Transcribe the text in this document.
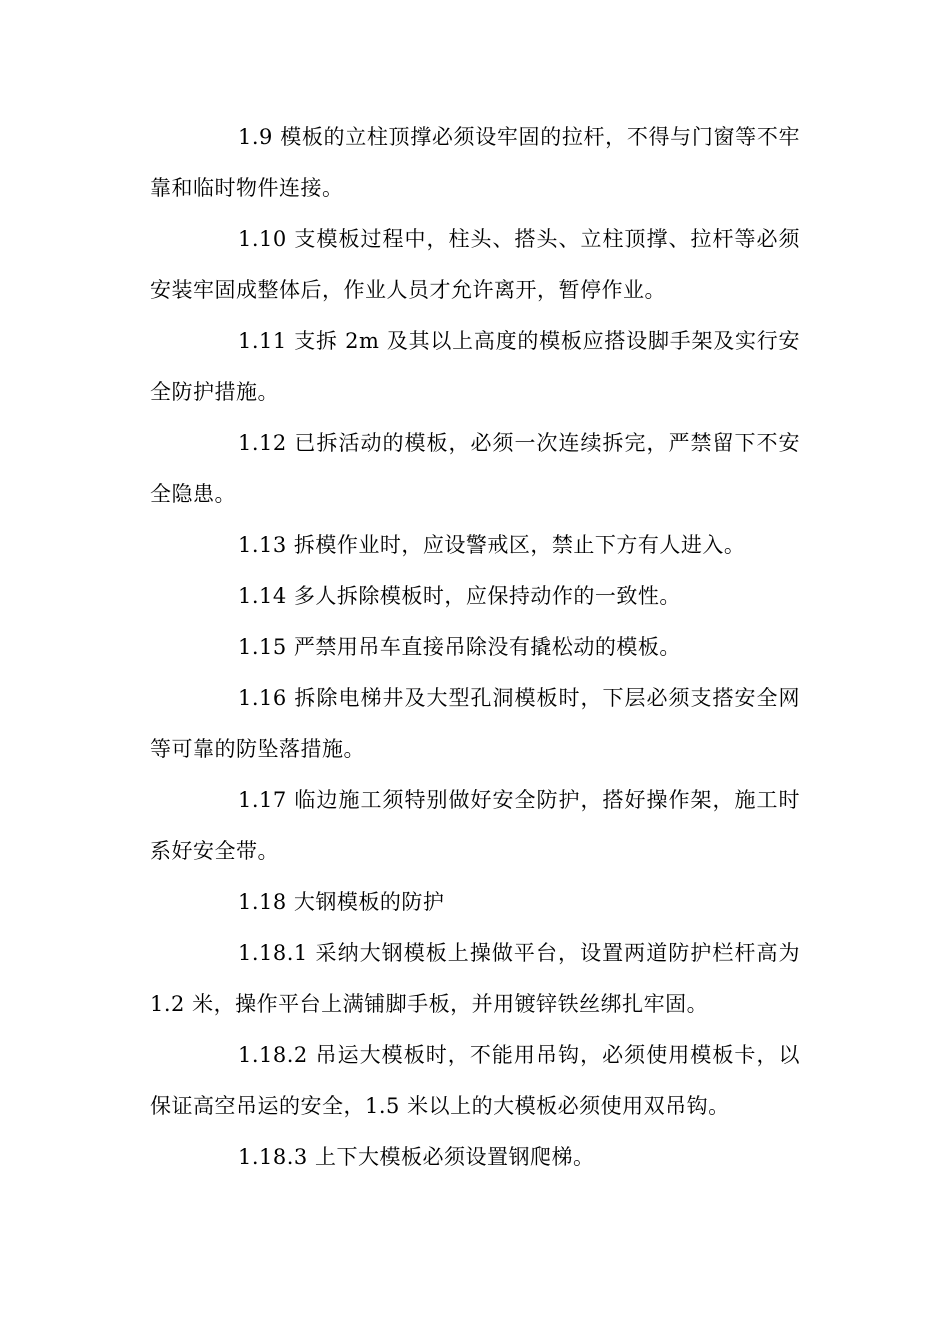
1.9 模板的立柱顶撑必须设牢固的拉杆，不得与门窗等不牢靠和临时物件连接。

1.10 支模板过程中，柱头、搭头、立柱顶撑、拉杆等必须安装牢固成整体后，作业人员才允许离开，暂停作业。

1.11 支拆 2m 及其以上高度的模板应搭设脚手架及实行安全防护措施。

1.12 已拆活动的模板，必须一次连续拆完，严禁留下不安全隐患。

1.13 拆模作业时，应设警戒区，禁止下方有人进入。

1.14 多人拆除模板时，应保持动作的一致性。

1.15 严禁用吊车直接吊除没有撬松动的模板。

1.16 拆除电梯井及大型孔洞模板时，下层必须支搭安全网等可靠的防坠落措施。

1.17 临边施工须特别做好安全防护，搭好操作架，施工时系好安全带。

1.18 大钢模板的防护

1.18.1 采纳大钢模板上操做平台，设置两道防护栏杆高为1.2 米，操作平台上满铺脚手板，并用镀锌铁丝绑扎牢固。

1.18.2 吊运大模板时，不能用吊钩，必须使用模板卡，以保证高空吊运的安全，1.5 米以上的大模板必须使用双吊钩。

1.18.3 上下大模板必须设置钢爬梯。
